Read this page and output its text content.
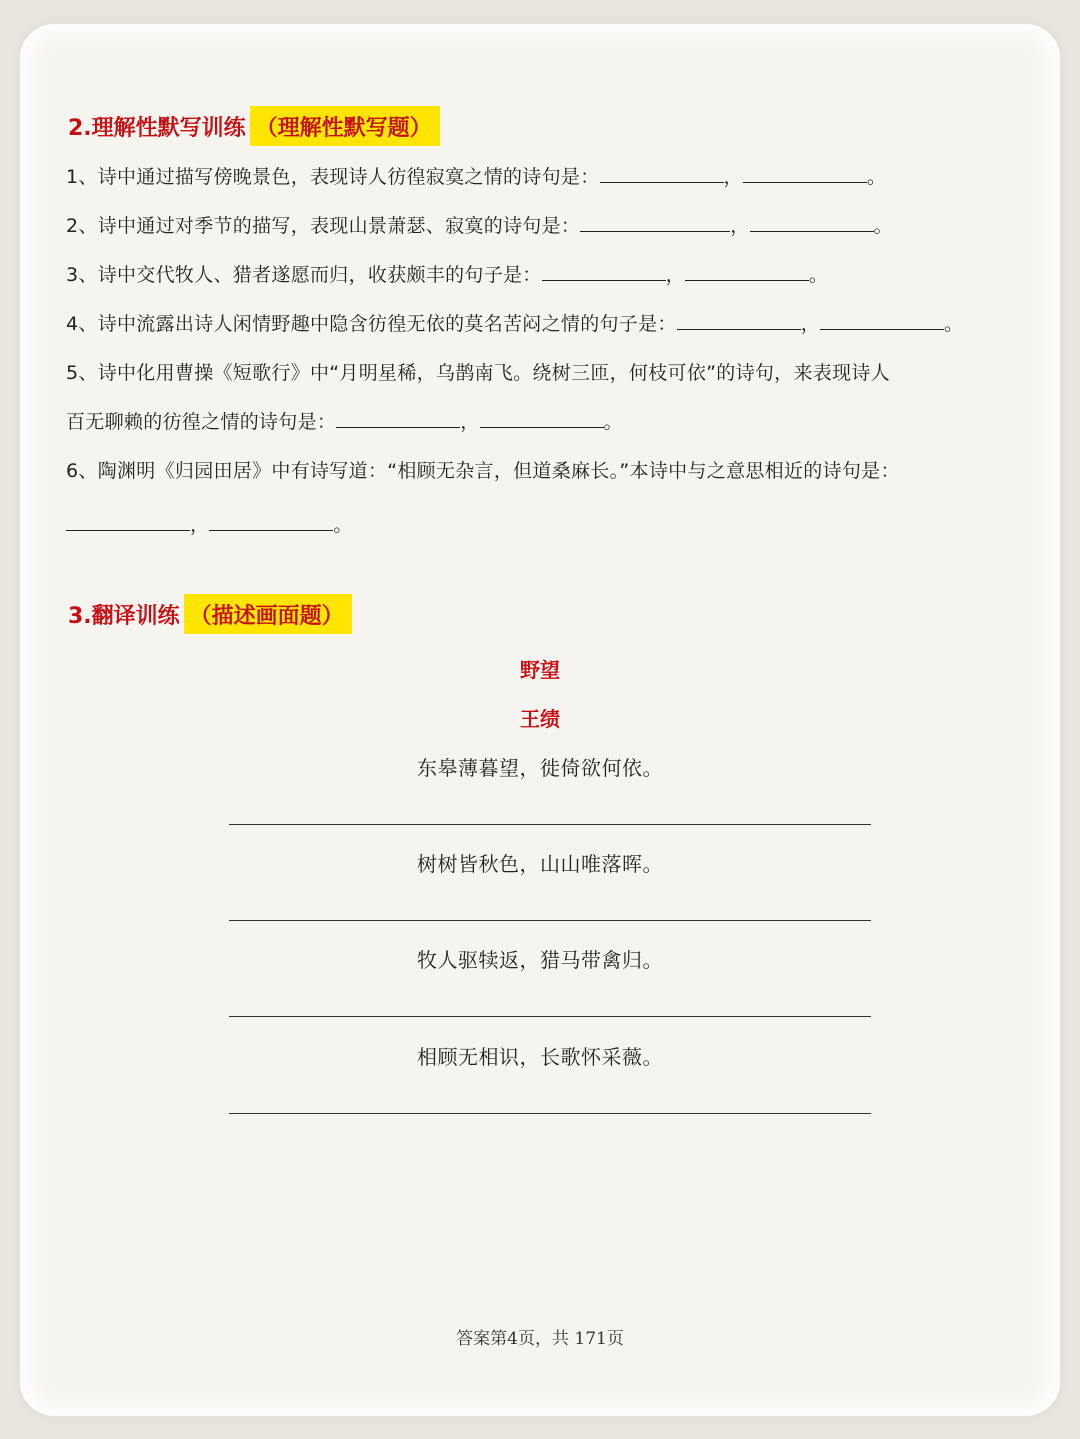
2.理解性默写训练 （理解性默写题）
1、诗中通过描写傍晚景色，表现诗人彷徨寂寞之情的诗句是：	，	。
2、诗中通过对季节的描写，表现山景萧瑟、寂寞的诗句是：	，	。
3、诗中交代牧人、猎者遂愿而归，收获颇丰的句子是：	，	。
4、诗中流露出诗人闲情野趣中隐含彷徨无依的莫名苦闷之情的句子是：	，	。
5、诗中化用曹操《短歌行》中“月明星稀，乌鹊南飞。绕树三匝，何枝可依”的诗句，来表现诗人
百无聊赖的彷徨之情的诗句是：	，	。
6、陶渊明《归园田居》中有诗写道：“相顾无杂言，但道桑麻长。”本诗中与之意思相近的诗句是：
，	。
3.翻译训练 （描述画面题）
野望
王绩
东皋薄暮望，徙倚欲何依。
树树皆秋色，山山唯落晖。
牧人驱犊返，猎马带禽归。
相顾无相识，长歌怀采薇。
答案第4页，共 171页
